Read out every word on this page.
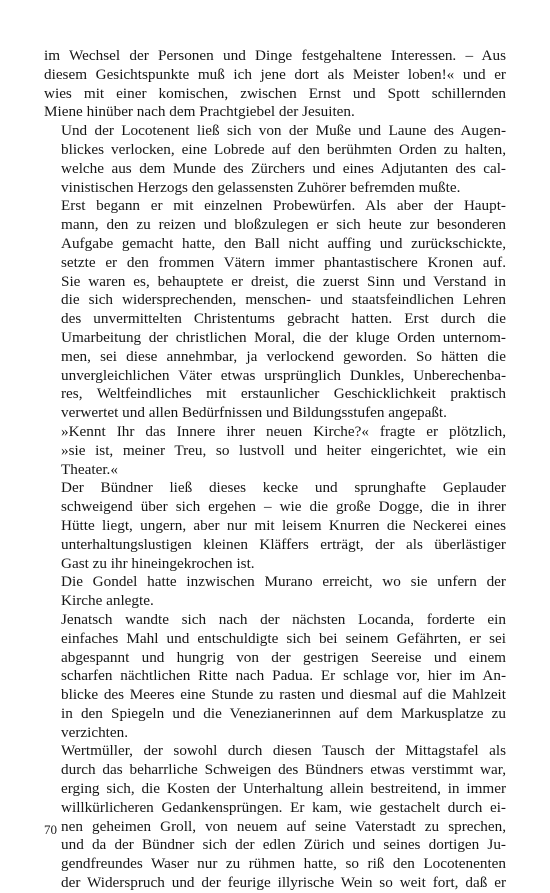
im Wechsel der Personen und Dinge festgehaltene Interessen. – Aus
diesem Gesichtspunkte muß ich jene dort als Meister loben!« und er
wies mit einer komischen, zwischen Ernst und Spott schillernden
Miene hinüber nach dem Prachtgiebel der Jesuiten.

Und der Locotenent ließ sich von der Muße und Laune des Augen-
blickes verlocken, eine Lobrede auf den berühmten Orden zu halten,
welche aus dem Munde des Zürchers und eines Adjutanten des cal-
vinistischen Herzogs den gelassensten Zuhörer befremden mußte.

Erst begann er mit einzelnen Probewürfen. Als aber der Haupt-
mann, den zu reizen und bloßzulegen er sich heute zur besonderen
Aufgabe gemacht hatte, den Ball nicht auffing und zurückschickte,
setzte er den frommen Vätern immer phantastischere Kronen auf.
Sie waren es, behauptete er dreist, die zuerst Sinn und Verstand in
die sich widersprechenden, menschen- und staatsfeindlichen Lehren
des unvermittelten Christentums gebracht hatten. Erst durch die
Umarbeitung der christlichen Moral, die der kluge Orden unternom-
men, sei diese annehmbar, ja verlockend geworden. So hätten die
unvergleichlichen Väter etwas ursprünglich Dunkles, Unberechenba-
res, Weltfeindliches mit erstaunlicher Geschicklichkeit praktisch
verwertet und allen Bedürfnissen und Bildungsstufen angepaßt.

»Kennt Ihr das Innere ihrer neuen Kirche?« fragte er plötzlich,
»sie ist, meiner Treu, so lustvoll und heiter eingerichtet, wie ein
Theater.«

Der Bündner ließ dieses kecke und sprunghafte Geplauder
schweigend über sich ergehen – wie die große Dogge, die in ihrer
Hütte liegt, ungern, aber nur mit leisem Knurren die Neckerei eines
unterhaltungslustigen kleinen Kläffers erträgt, der als überlästiger
Gast zu ihr hineingekrochen ist.

Die Gondel hatte inzwischen Murano erreicht, wo sie unfern der
Kirche anlegte.

Jenatsch wandte sich nach der nächsten Locanda, forderte ein
einfaches Mahl und entschuldigte sich bei seinem Gefährten, er sei
abgespannt und hungrig von der gestrigen Seereise und einem
scharfen nächtlichen Ritte nach Padua. Er schlage vor, hier im An-
blicke des Meeres eine Stunde zu rasten und diesmal auf die Mahlzeit
in den Spiegeln und die Venezianerinnen auf dem Markusplatze zu
verzichten.

Wertmüller, der sowohl durch diesen Tausch der Mittagstafel als
durch das beharrliche Schweigen des Bündners etwas verstimmt war,
erging sich, die Kosten der Unterhaltung allein bestreitend, in immer
willkürlicheren Gedankensprüngen. Er kam, wie gestachelt durch ei-
nen geheimen Groll, von neuem auf seine Vaterstadt zu sprechen,
und da der Bündner sich der edlen Zürich und seines dortigen Ju-
gendfreundes Waser nur zu rühmen hatte, so riß den Locotenenten
der Widerspruch und der feurige illyrische Wein so weit fort, daß er

70
